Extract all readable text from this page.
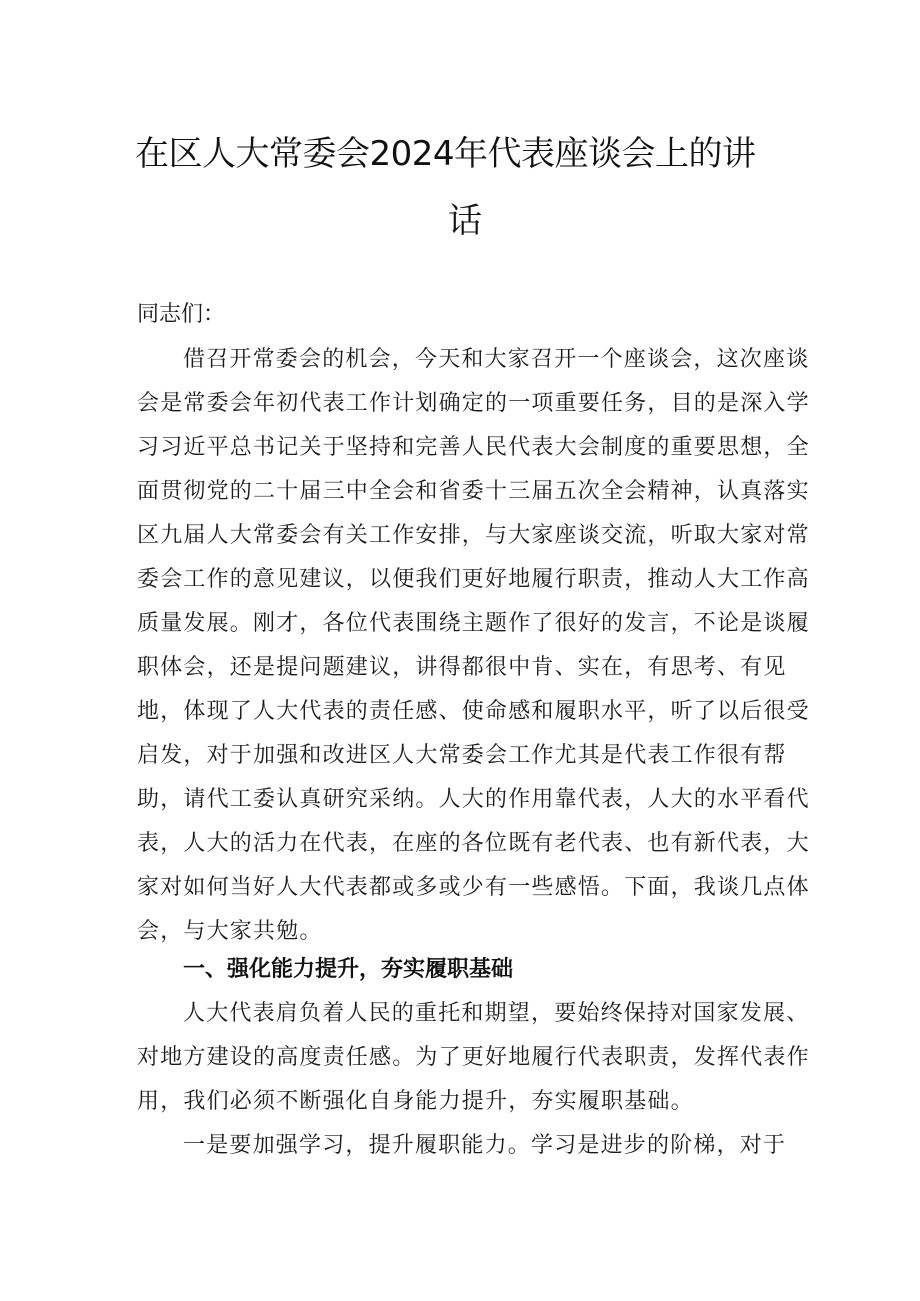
在区人大常委会2024年代表座谈会上的讲
话

同志们：

借召开常委会的机会，今天和大家召开一个座谈会，这次座谈会是常委会年初代表工作计划确定的一项重要任务，目的是深入学习习近平总书记关于坚持和完善人民代表大会制度的重要思想，全面贯彻党的二十届三中全会和省委十三届五次全会精神，认真落实区九届人大常委会有关工作安排，与大家座谈交流，听取大家对常委会工作的意见建议，以便我们更好地履行职责，推动人大工作高质量发展。刚才，各位代表围绕主题作了很好的发言，不论是谈履职体会，还是提问题建议，讲得都很中肯、实在，有思考、有见地，体现了人大代表的责任感、使命感和履职水平，听了以后很受启发，对于加强和改进区人大常委会工作尤其是代表工作很有帮助，请代工委认真研究采纳。人大的作用靠代表，人大的水平看代表，人大的活力在代表，在座的各位既有老代表、也有新代表，大家对如何当好人大代表都或多或少有一些感悟。下面，我谈几点体会，与大家共勉。

一、强化能力提升，夯实履职基础

人大代表肩负着人民的重托和期望，要始终保持对国家发展、对地方建设的高度责任感。为了更好地履行代表职责，发挥代表作用，我们必须不断强化自身能力提升，夯实履职基础。

一是要加强学习，提升履职能力。学习是进步的阶梯，对于
